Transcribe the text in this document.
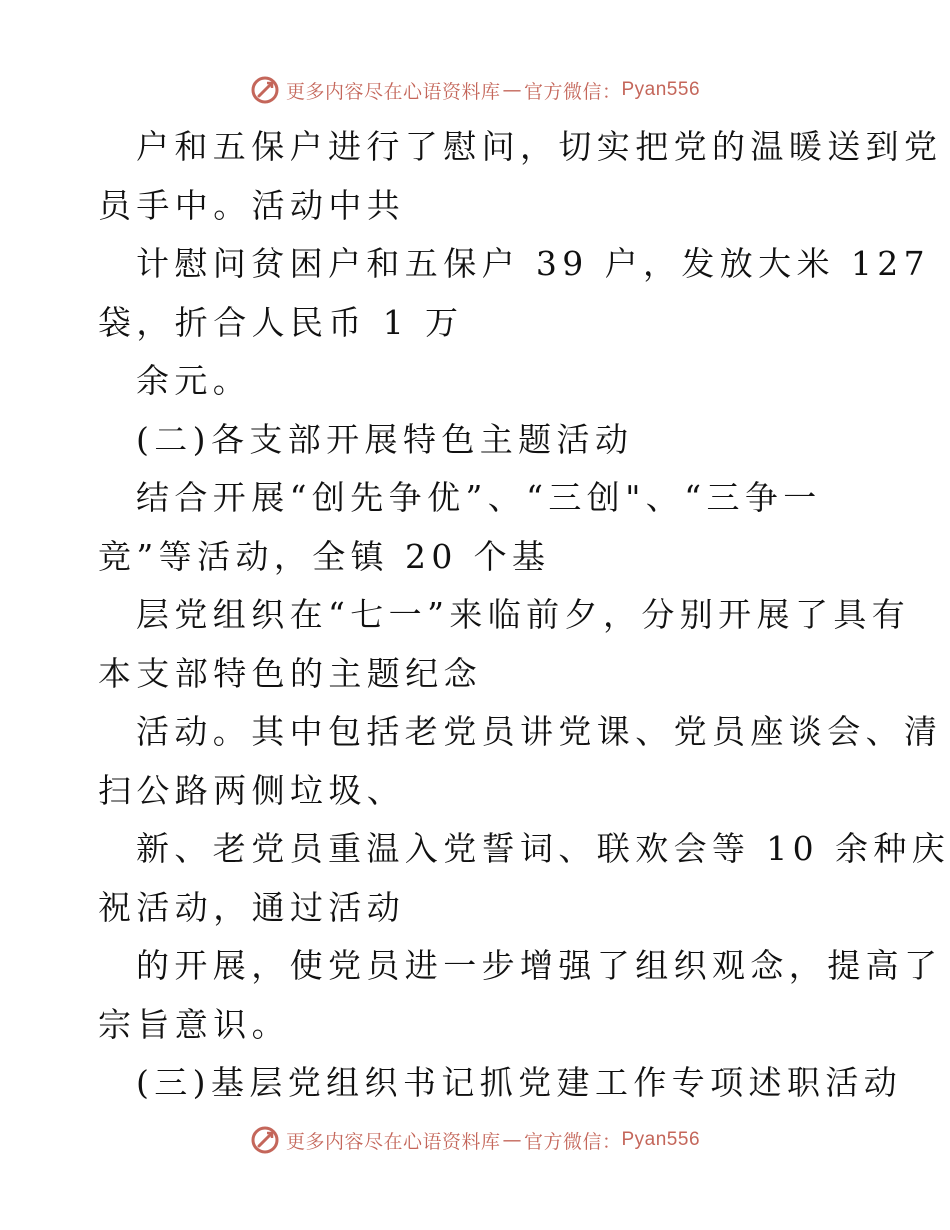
更多内容尽在心语资料库 — 官方微信： Pyan556

户和五保户进行了慰问，切实把党的温暖送到党

员手中。活动中共

计慰问贫困户和五保户 39 户，发放大米 127

袋，折合人民币 1 万

余元。

(二)各支部开展特色主题活动

结合开展“创先争优”、“三创"、“三争一

竞”等活动，全镇 20 个基

层党组织在“七一”来临前夕，分别开展了具有

本支部特色的主题纪念

活动。其中包括老党员讲党课、党员座谈会、清

扫公路两侧垃圾、

新、老党员重温入党誓词、联欢会等 10 余种庆

祝活动，通过活动

的开展，使党员进一步增强了组织观念，提高了

宗旨意识。

(三)基层党组织书记抓党建工作专项述职活动

更多内容尽在心语资料库 — 官方微信： Pyan556
